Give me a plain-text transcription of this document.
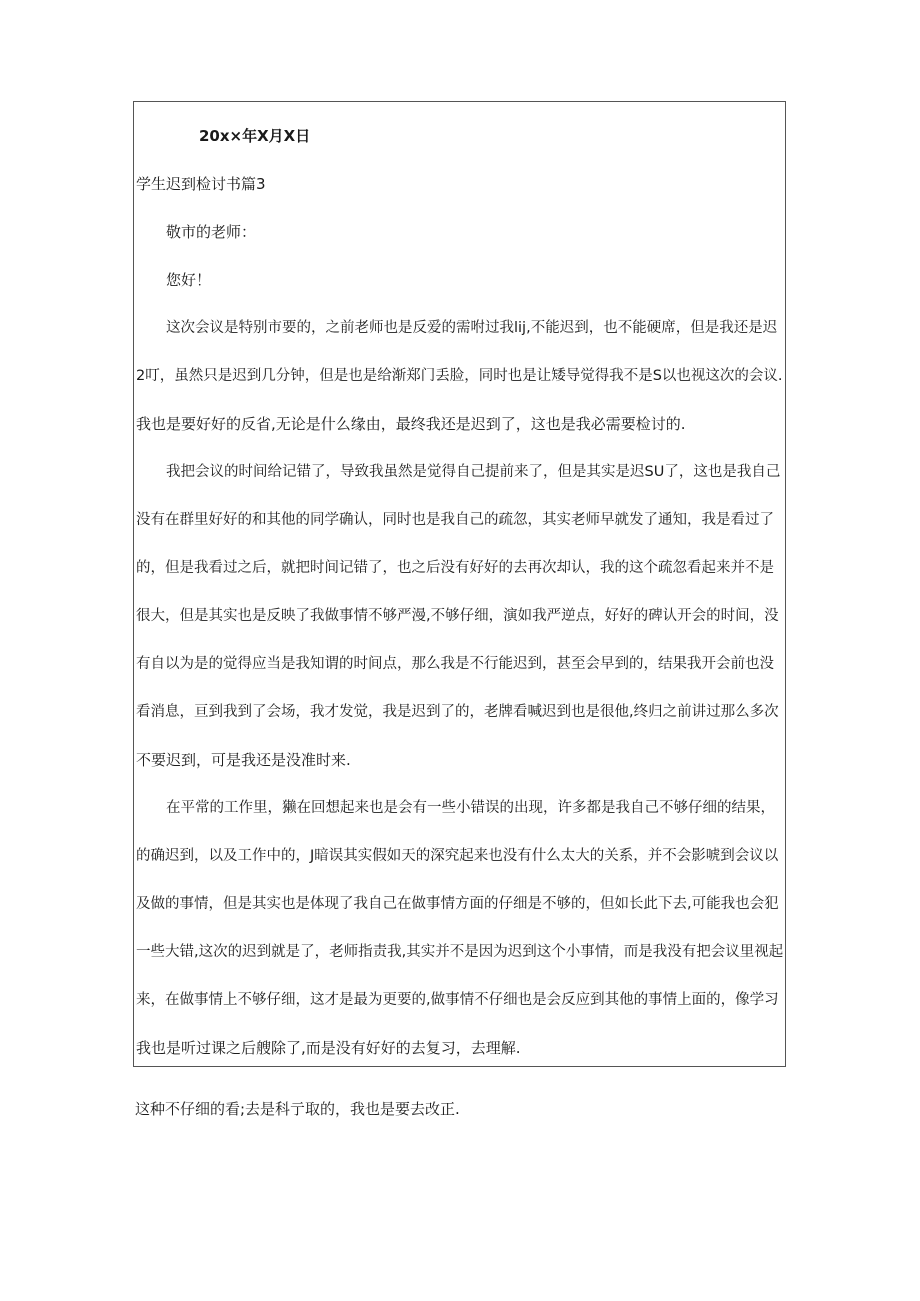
20x×年X月X日
学生迟到检讨书篇3
敬市的老师：
您好！
这次会议是特别市要的，之前老师也是反爱的需咐过我lij,不能迟到，也不能硬席，但是我还是迟
2叮，虽然只是迟到几分钟，但是也是给渐郑门丢脸，同时也是让矮导觉得我不是S以也视这次的会议.
我也是要好好的反省,无论是什么缘由，最终我还是迟到了，这也是我必需要检讨的.
我把会议的时间给记错了，导致我虽然是觉得自己提前来了，但是其实是迟SU了，这也是我自己
没有在群里好好的和其他的同学确认，同时也是我自己的疏忽，其实老师早就发了通知，我是看过了
的，但是我看过之后，就把时间记错了，也之后没有好好的去再次却认，我的这个疏忽看起来并不是
很大，但是其实也是反映了我做事情不够严漫,不够仔细，演如我严逆点，好好的碑认开会的时间，没
有自以为是的觉得应当是我知谓的时间点，那么我是不行能迟到，甚至会早到的，结果我开会前也没
看消息，亘到我到了会场，我才发觉，我是迟到了的，老牌看喊迟到也是很他,终归之前讲过那么多次
不要迟到，可是我还是没准时来.
在平常的工作里，獭在回想起来也是会有一些小错误的出现，许多都是我自己不够仔细的结果，
的确迟到，以及工作中的，J暗误其实假如天的深究起来也没有什么太大的关系，并不会影唬到会议以
及做的事情，但是其实也是体现了我自己在做事情方面的仔细是不够的，但如长此下去,可能我也会犯
一些大错,这次的迟到就是了，老师指责我,其实并不是因为迟到这个小事情，而是我没有把会议里视起
来，在做事情上不够仔细，这才是最为更要的,做事情不仔细也是会反应到其他的事情上面的，像学习
我也是听过课之后艘除了,而是没有好好的去复习，去理解.
这种不仔细的看;去是科亍取的，我也是要去改正.
